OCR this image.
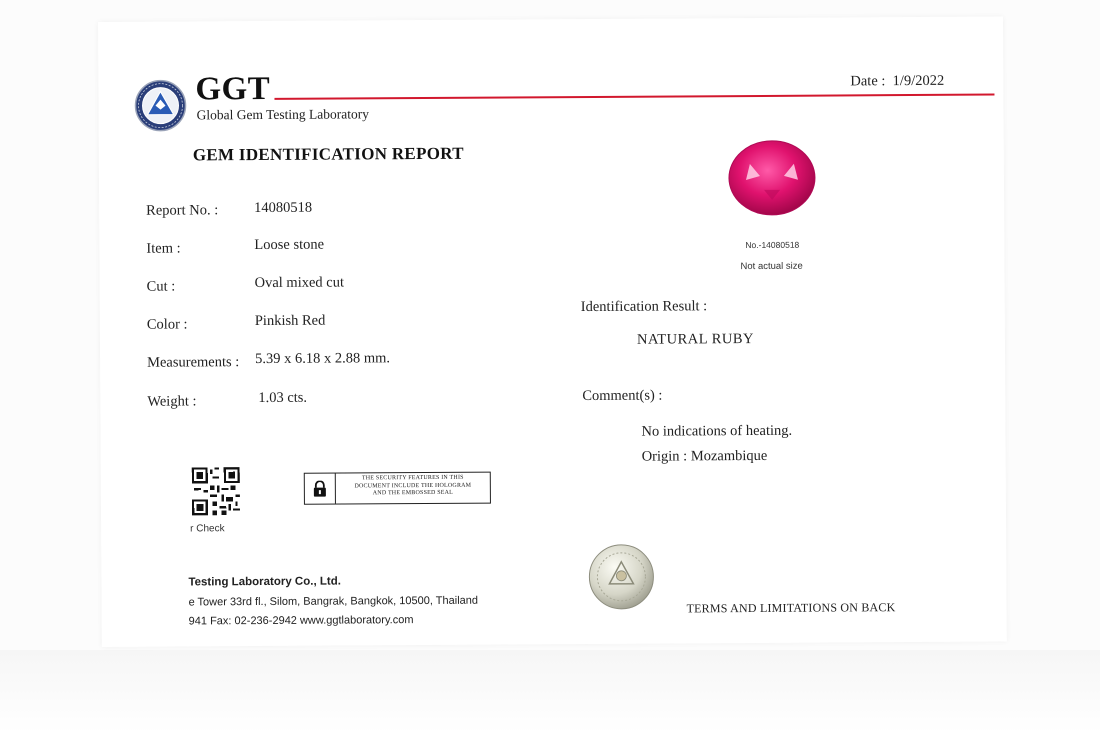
GGT
Global Gem Testing Laboratory
Date : 1/9/2022
GEM IDENTIFICATION REPORT
Report No. : 14080518
Item :	Loose stone
Cut :	Oval mixed cut
Color :	Pinkish Red
Measurements : 5.39 x 6.18 x 2.88 mm.
Weight :	1.03 cts.
No.-14080518
Not actual size
Identification Result :
NATURAL RUBY
Comment(s) :
No indications of heating.
Origin : Mozambique
r Check
THE SECURITY FEATURES IN THIS
DOCUMENT INCLUDE THE HOLOGRAM
AND THE EMBOSSED SEAL
Testing Laboratory Co., Ltd.
e Tower 33rd fl., Silom, Bangrak, Bangkok, 10500, Thailand
941 Fax: 02-236-2942 www.ggtlaboratory.com
TERMS AND LIMITATIONS ON BACK
